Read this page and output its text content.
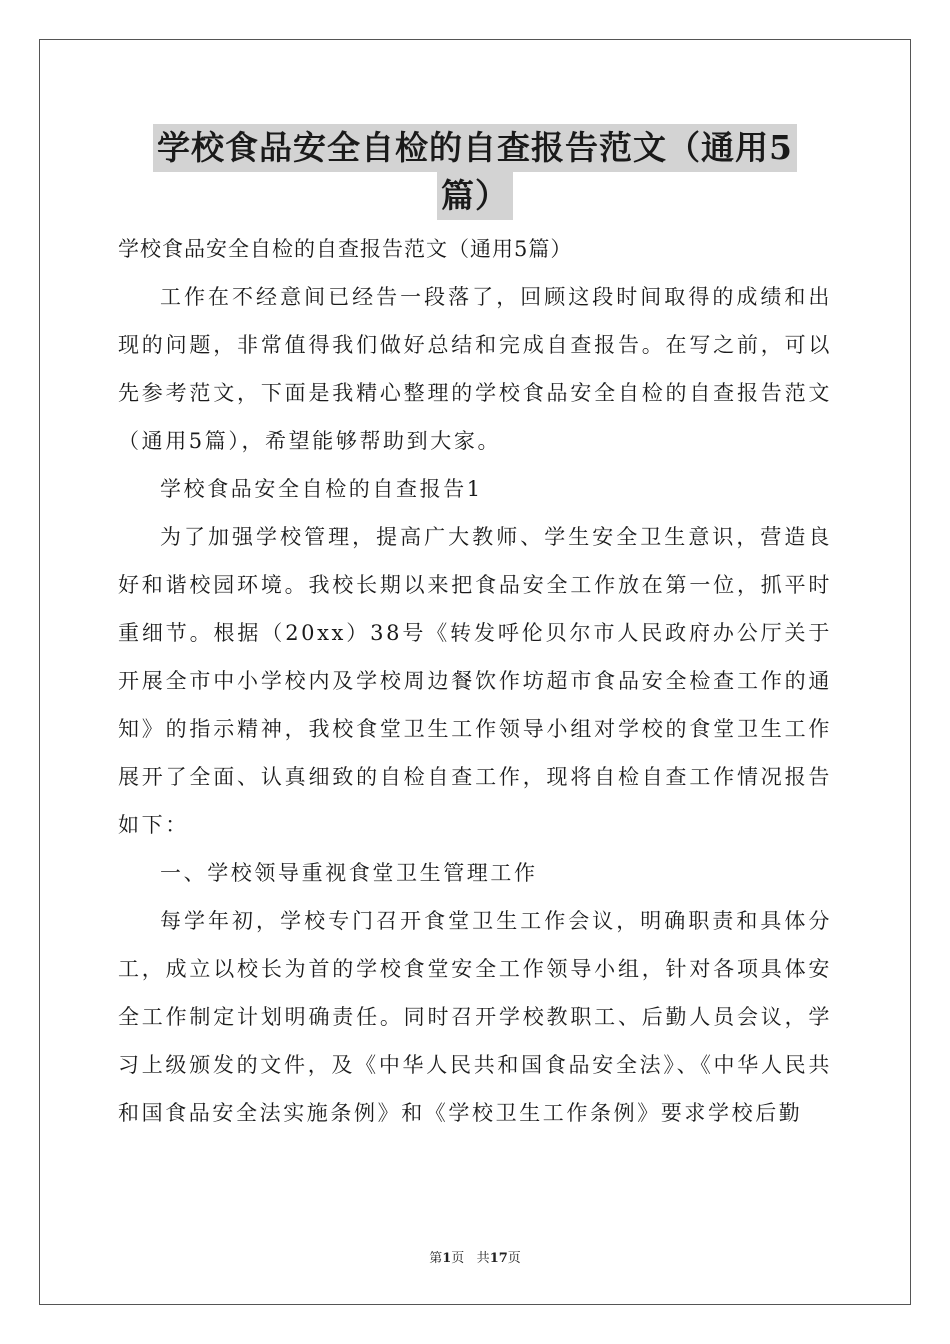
学校食品安全自检的自查报告范文（通用5
篇）

学校食品安全自检的自查报告范文（通用5篇）

工作在不经意间已经告一段落了，回顾这段时间取得的成绩和出现的问题，非常值得我们做好总结和完成自查报告。在写之前，可以先参考范文，下面是我精心整理的学校食品安全自检的自查报告范文（通用5篇），希望能够帮助到大家。

学校食品安全自检的自查报告1

为了加强学校管理，提高广大教师、学生安全卫生意识，营造良好和谐校园环境。我校长期以来把食品安全工作放在第一位，抓平时重细节。根据（20xx）38号《转发呼伦贝尔市人民政府办公厅关于开展全市中小学校内及学校周边餐饮作坊超市食品安全检查工作的通知》的指示精神，我校食堂卫生工作领导小组对学校的食堂卫生工作展开了全面、认真细致的自检自查工作，现将自检自查工作情况报告如下：

一、学校领导重视食堂卫生管理工作

每学年初，学校专门召开食堂卫生工作会议，明确职责和具体分工，成立以校长为首的学校食堂安全工作领导小组，针对各项具体安全工作制定计划明确责任。同时召开学校教职工、后勤人员会议，学习上级颁发的文件，及《中华人民共和国食品安全法》、《中华人民共和国食品安全法实施条例》和《学校卫生工作条例》要求学校后勤

第1页 共17页
